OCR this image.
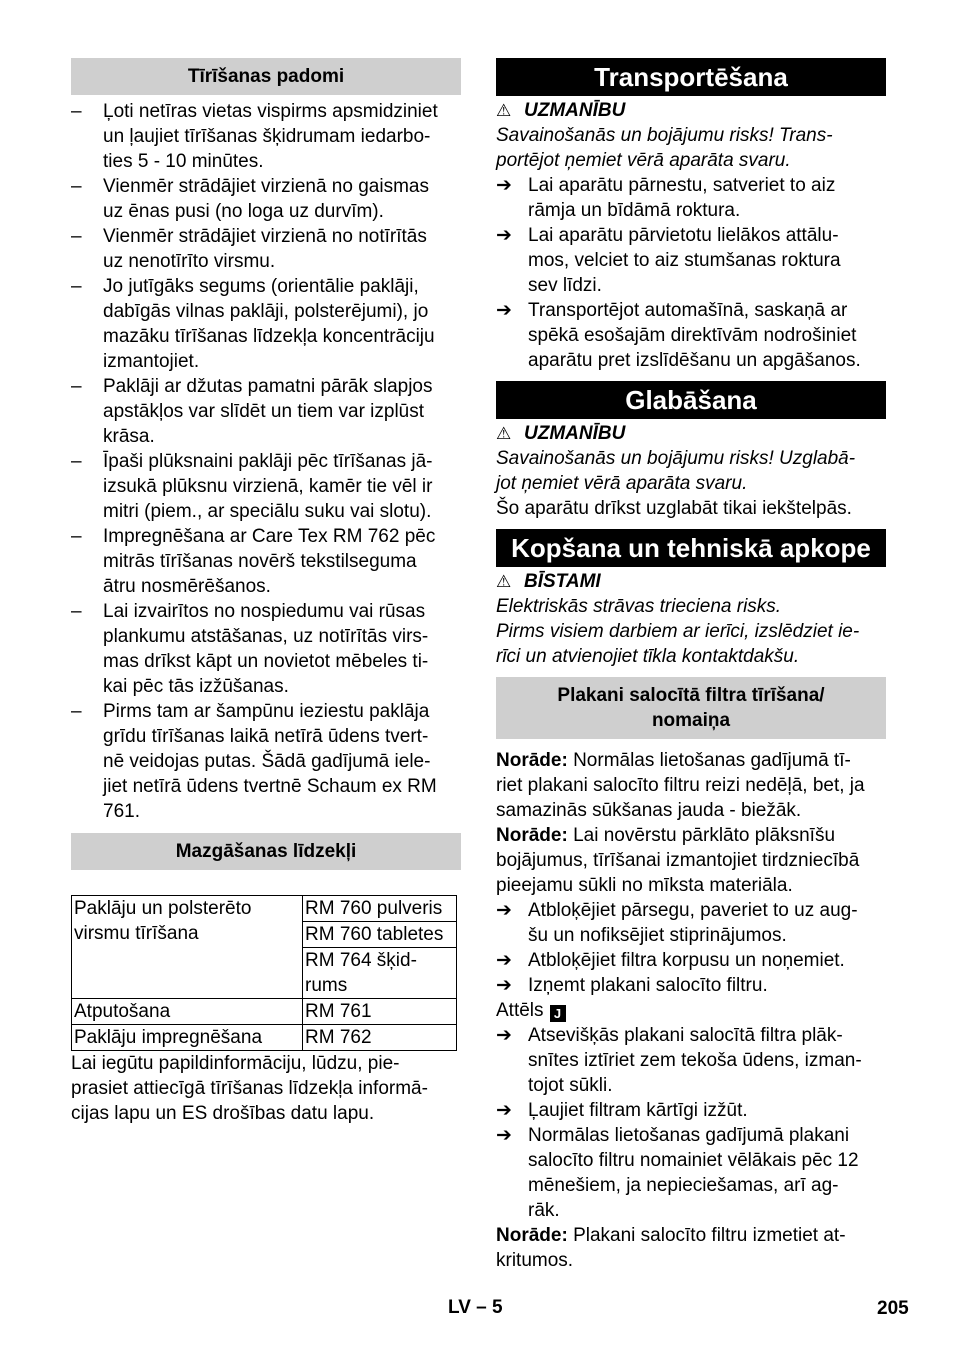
Tīrīšanas padomi
–	Ļoti netīras vietas vispirms apsmidziniet
un ļaujiet tīrīšanas šķidrumam iedarbo-
ties 5 - 10 minūtes.
–	Vienmēr strādājiet virzienā no gaismas
uz ēnas pusi (no loga uz durvīm).
–	Vienmēr strādājiet virzienā no notīrītās
uz nenotīrīto virsmu.
–	Jo jutīgāks segums (orientālie paklāji,
dabīgās vilnas paklāji, polsterējumi), jo
mazāku tīrīšanas līdzekļa koncentrāciju
izmantojiet.
–	Paklāji ar džutas pamatni pārāk slapjos
apstākļos var slīdēt un tiem var izplūst
krāsa.
–	Īpaši plūksnaini paklāji pēc tīrīšanas jā-
izsukā plūksnu virzienā, kamēr tie vēl ir
mitri (piem., ar speciālu suku vai slotu).
–	Impregnēšana ar Care Tex RM 762 pēc
mitrās tīrīšanas novērš tekstilseguma
ātru nosmērēšanos.
–	Lai izvairītos no nospiedumu vai rūsas
plankumu atstāšanas, uz notīrītās virs-
mas drīkst kāpt un novietot mēbeles ti-
kai pēc tās izžūšanas.
–	Pirms tam ar šampūnu ieziestu paklāja
grīdu tīrīšanas laikā netīrā ūdens tvert-
nē veidojas putas. Šādā gadījumā iele-
jiet netīrā ūdens tvertnē Schaum ex RM
761.
Mazgāšanas līdzekļi
Paklāju un polsterēto
virsmu tīrīšana	RM 760 pulveris
	RM 760 tabletes

	RM 764 šķid-
rums

Atputošana	RM 761
Paklāju impregnēšana	RM 762
Lai iegūtu papildinformāciju, lūdzu, pie-
prasiet attiecīgā tīrīšanas līdzekļa informā-
cijas lapu un ES drošības datu lapu.
Transportēšana
⚠ UZMANĪBU
Savainošanās un bojājumu risks! Trans-
portējot ņemiet vērā aparāta svaru.
➔ Lai aparātu pārnestu, satveriet to aiz
rāmja un bīdāmā roktura.
➔ Lai aparātu pārvietotu lielākos attālu-
mos, velciet to aiz stumšanas roktura
sev līdzi.
➔ Transportējot automašīnā, saskaņā ar
spēkā esošajām direktīvām nodrošiniet
aparātu pret izslīdēšanu un apgāšanos.
Glabāšana
⚠ UZMANĪBU
Savainošanās un bojājumu risks! Uzglabā-
jot ņemiet vērā aparāta svaru.
Šo aparātu drīkst uzglabāt tikai iekštelpās.
Kopšana un tehniskā apkope
⚠ BĪSTAMI
Elektriskās strāvas trieciena risks.
Pirms visiem darbiem ar ierīci, izslēdziet ie-
rīci un atvienojiet tīkla kontaktdakšu.
Plakani salocītā filtra tīrīšana/
nomaiņa
Norāde: Normālas lietošanas gadījumā tī-
riet plakani salocīto filtru reizi nedēļā, bet, ja
samazinās sūkšanas jauda - biežāk.
Norāde: Lai novērstu pārklāto plāksnīšu
bojājumus, tīrīšanai izmantojiet tirdzniecībā
pieejamu sūkli no mīksta materiāla.
➔ Atbloķējiet pārsegu, paveriet to uz aug-
šu un nofiksējiet stiprinājumos.
➔ Atbloķējiet filtra korpusu un noņemiet.
➔ Izņemt plakani salocīto filtru.
Attēls J
➔ Atsevišķās plakani salocītā filtra plāk-
snītes iztīriet zem tekoša ūdens, izman-
tojot sūkli.
➔ Ļaujiet filtram kārtīgi izžūt.
➔ Normālas lietošanas gadījumā plakani
salocīto filtru nomainiet vēlākais pēc 12
mēnešiem, ja nepieciešamas, arī ag-
rāk.
Norāde: Plakani salocīto filtru izmetiet at-
kritumos.
LV – 5	205
